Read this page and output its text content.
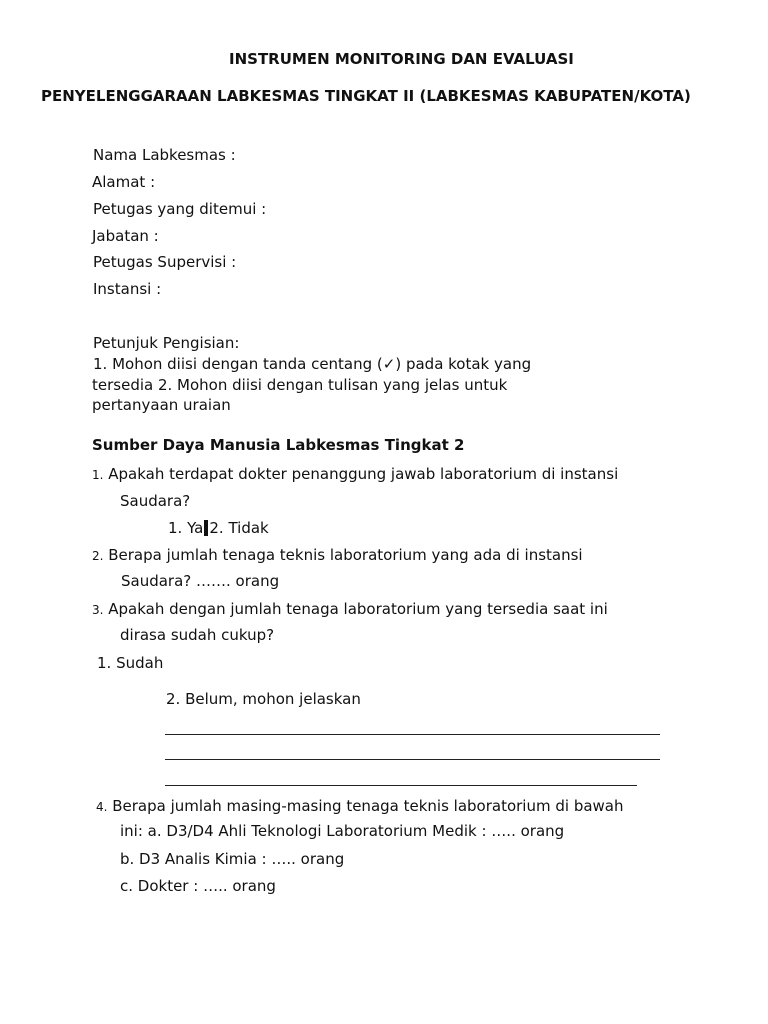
INSTRUMEN MONITORING DAN EVALUASI
PENYELENGGARAAN LABKESMAS TINGKAT II (LABKESMAS KABUPATEN/KOTA)
Nama Labkesmas :
Alamat :
Petugas yang ditemui :
Jabatan :
Petugas Supervisi :
Instansi :
Petunjuk Pengisian:
1. Mohon diisi dengan tanda centang (✓) pada kotak yang
tersedia 2. Mohon diisi dengan tulisan yang jelas untuk
pertanyaan uraian
Sumber Daya Manusia Labkesmas Tingkat 2
1. Apakah terdapat dokter penanggung jawab laboratorium di instansi
Saudara?
1. Ya 2. Tidak
2. Berapa jumlah tenaga teknis laboratorium yang ada di instansi
Saudara? ……. orang
3. Apakah dengan jumlah tenaga laboratorium yang tersedia saat ini
dirasa sudah cukup?
1. Sudah
2. Belum, mohon jelaskan
4. Berapa jumlah masing-masing tenaga teknis laboratorium di bawah
ini: a. D3/D4 Ahli Teknologi Laboratorium Medik : ….. orang
b. D3 Analis Kimia : ….. orang
c. Dokter : ….. orang
